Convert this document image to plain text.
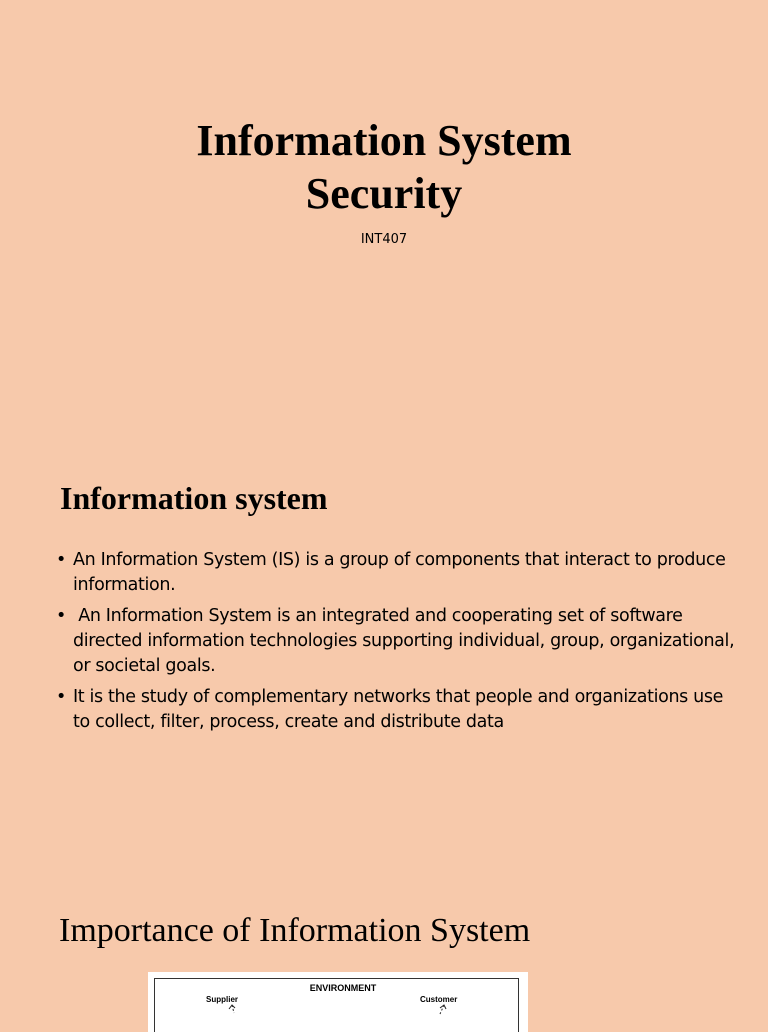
Information System
Security
INT407
Information system
• An Information System (IS) is a group of components that interact to produce information.
• An Information System is an integrated and cooperating set of software directed information technologies supporting individual, group, organizational, or societal goals.
• It is the study of complementary networks that people and organizations use to collect, filter, process, create and distribute data
Importance of Information System
ENVIRONMENT
Supplier	Customer
